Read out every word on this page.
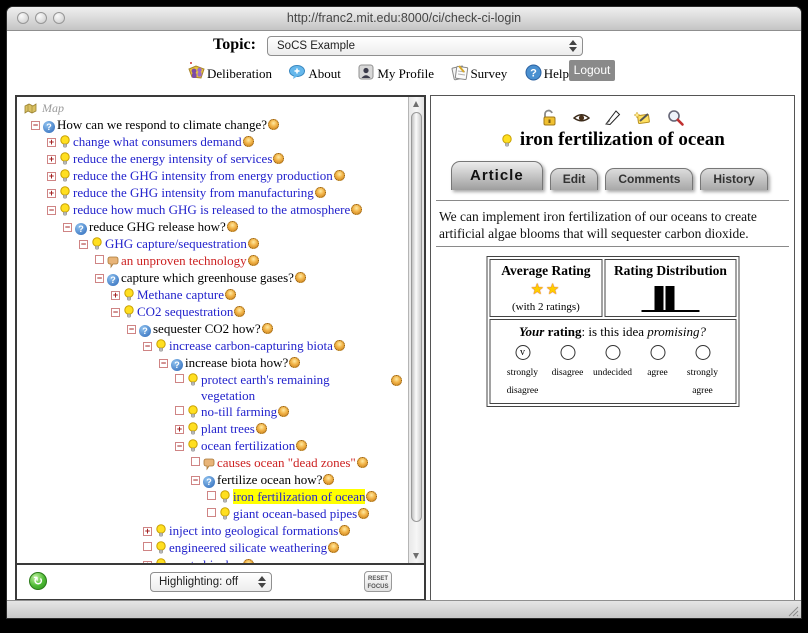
http://franc2.mit.edu:8000/ci/check-ci-login
Topic: SoCS Example
Deliberation	About	My Profile	Survey ? Help Logout
Map
− ? How can we respond to climate change?
+ change what consumers demand
+ reduce the energy intensity of services
+ reduce the GHG intensity from energy production
+ reduce the GHG intensity from manufacturing
− reduce how much GHG is released to the atmosphere
− ? reduce GHG release how?
− GHG capture/sequestration
an unproven technology
− ? capture which greenhouse gases?
+ Methane capture
− CO2 sequestration
− ? sequester CO2 how?
− increase carbon-capturing biota
− ? increase biota how?
protect earth's remaining vegetation
no-till farming
+ plant trees
− ocean fertilization
causes ocean "dead zones"
− ? fertilize ocean how?
iron fertilization of ocean
giant ocean-based pipes
+ inject into geological formations
engineered silicate weathering
↻	Highlighting: off	RESET FOCUS

iron fertilization of ocean
Article	Edit	Comments	History
We can implement iron fertilization of our oceans to create artificial algae blooms that will sequester carbon dioxide.
Average Rating
★★
(with 2 ratings)

Rating Distribution

Your rating: is this idea promising?
v
strongly
disagree
disagree	undecided	agree	strongly
agree
